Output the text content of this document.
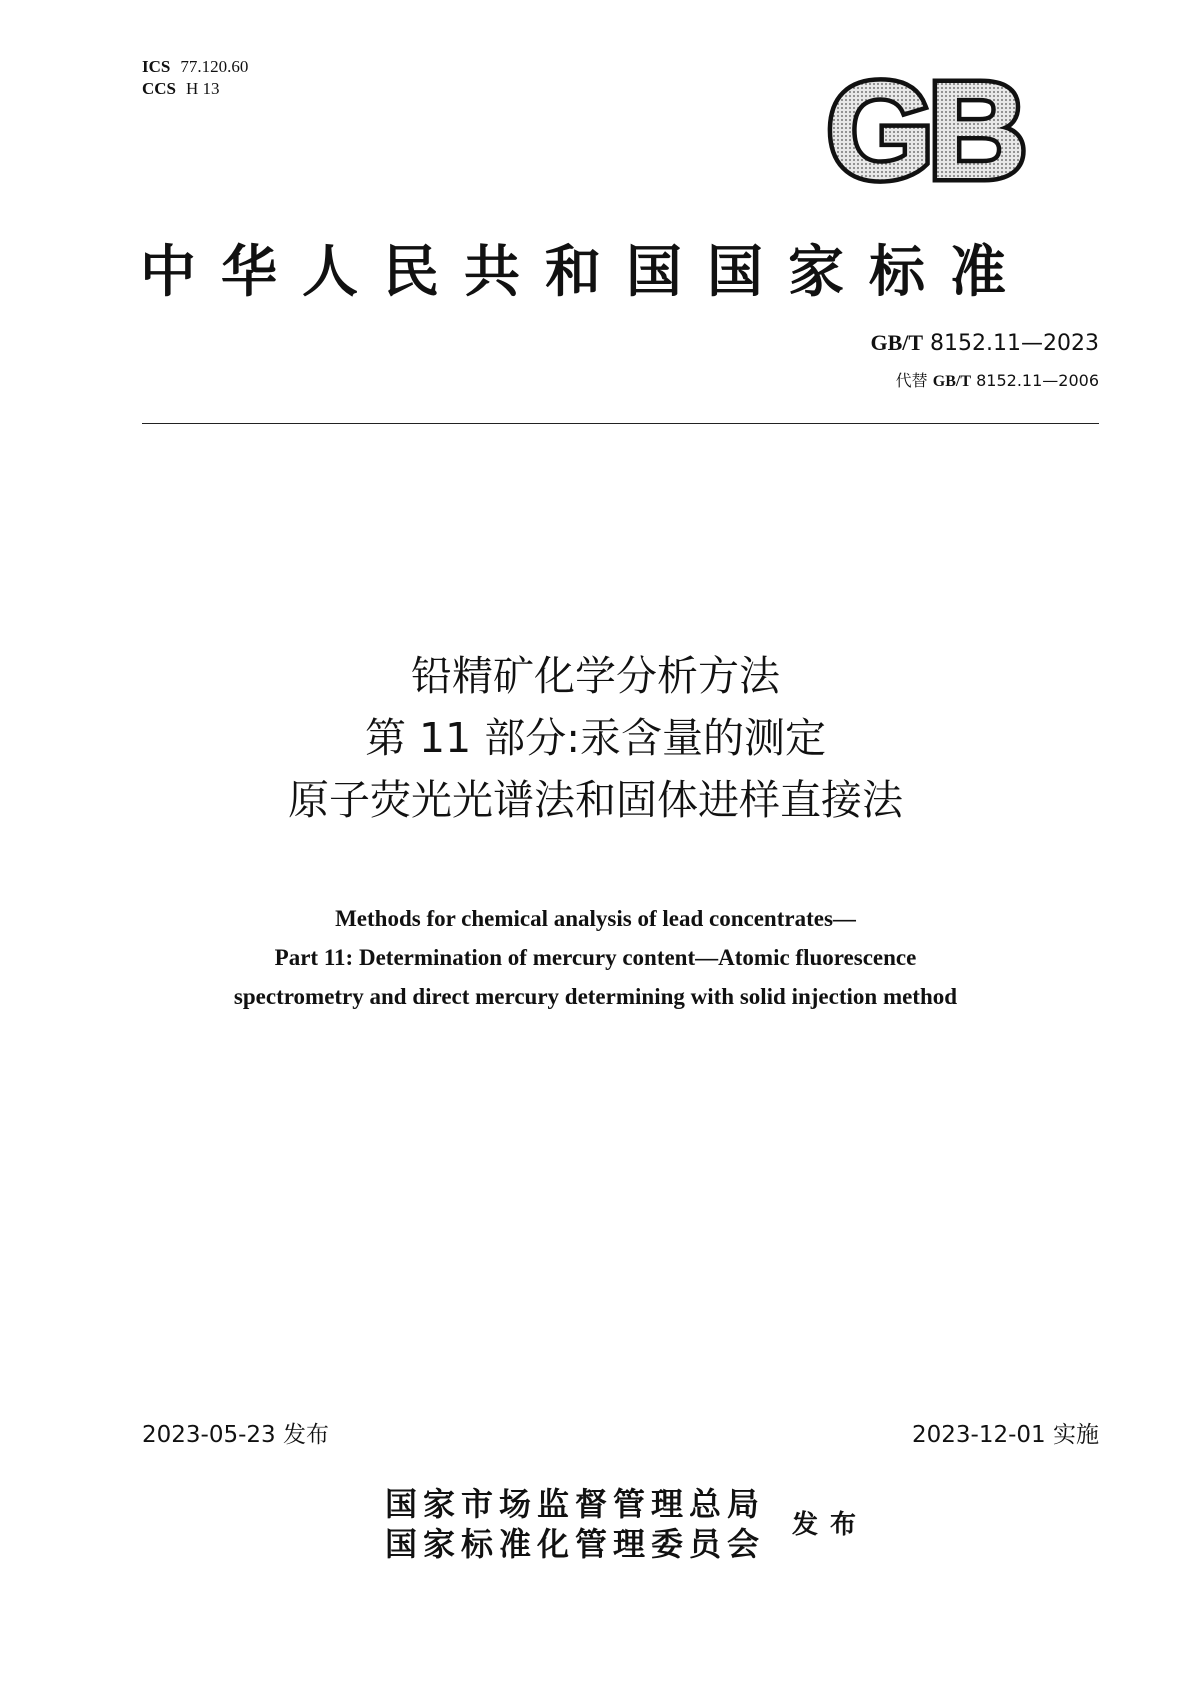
ICS 77.120.60
CCS H 13	GB
中华人民共和国国家标准
GB/T 8152.11—2023
代替 GB/T 8152.11—2006
铅精矿化学分析方法
第 11 部分:汞含量的测定
原子荧光光谱法和固体进样直接法
Methods for chemical analysis of lead concentrates—
Part 11: Determination of mercury content—Atomic fluorescence
spectrometry and direct mercury determining with solid injection method
2023-05-23 发布	2023-12-01 实施
国家市场监督管理总局
国家标准化管理委员会 发布
